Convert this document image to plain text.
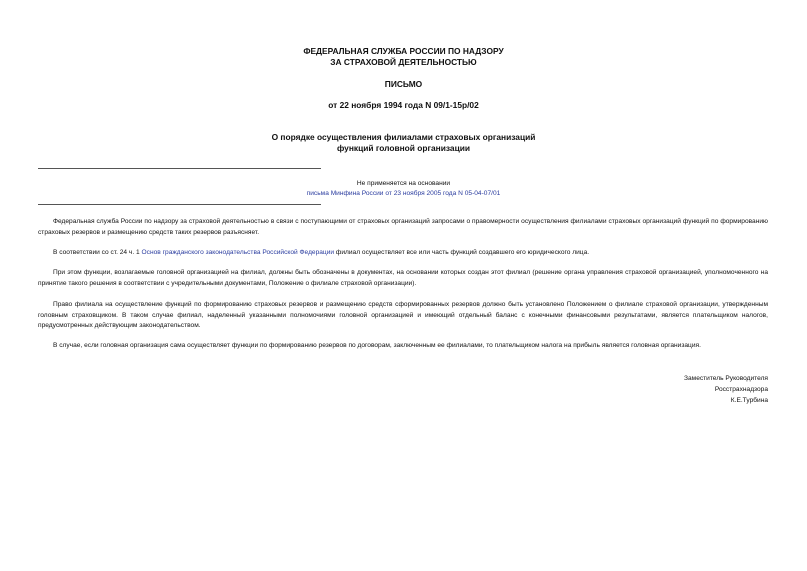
ФЕДЕРАЛЬНАЯ СЛУЖБА РОССИИ ПО НАДЗОРУ
ЗА СТРАХОВОЙ ДЕЯТЕЛЬНОСТЬЮ
ПИСЬМО
от 22 ноября 1994 года N 09/1-15р/02
О порядке осуществления филиалами страховых организаций
функций головной организации
Не применяется на основании
письма Минфина России от 23 ноября 2005 года N 05-04-07/01
Федеральная служба России по надзору за страховой деятельностью в связи с поступающими от страховых организаций запросами о правомерности осуществления филиалами страховых организаций функций по формированию страховых резервов и размещению средств таких резервов разъясняет.
В соответствии со ст. 24 ч. 1 Основ гражданского законодательства Российской Федерации филиал осуществляет все или часть функций создавшего его юридического лица.
При этом функции, возлагаемые головной организацией на филиал, должны быть обозначены в документах, на основании которых создан этот филиал (решение органа управления страховой организацией, уполномоченного на принятие такого решения в соответствии с учредительными документами, Положение о филиале страховой организации).
Право филиала на осуществление функций по формированию страховых резервов и размещению средств сформированных резервов должно быть установлено Положением о филиале страховой организации, утвержденным головным страховщиком. В таком случае филиал, наделенный указанными полномочиями головной организацией и имеющий отдельный баланс с конечными финансовыми результатами, является плательщиком налогов, предусмотренных действующим законодательством.
В случае, если головная организация сама осуществляет функции по формированию резервов по договорам, заключенным ее филиалами, то плательщиком налога на прибыль является головная организация.
Заместитель Руководителя
Росстрахнадзора
К.Е.Турбина
